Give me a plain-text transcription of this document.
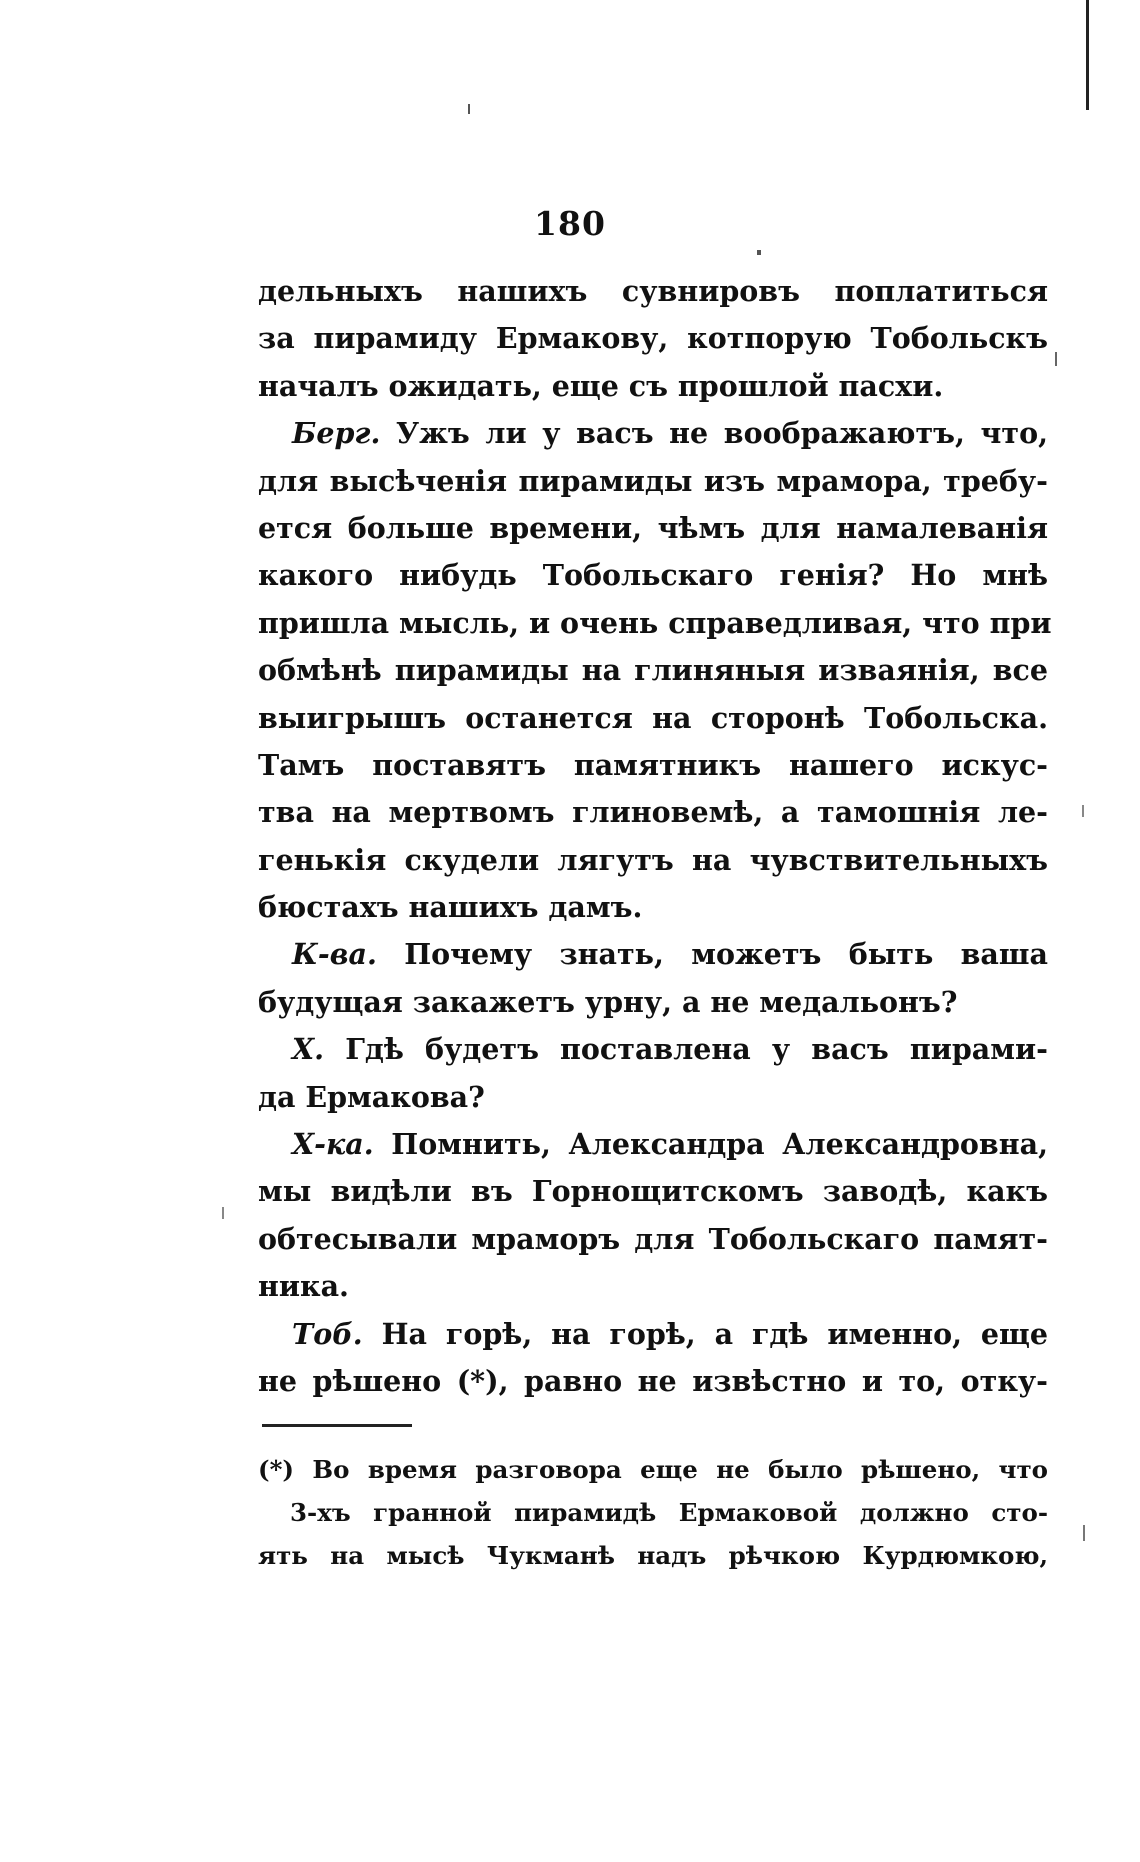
180
дельныхъ нашихъ сувнировъ поплатиться
за пирамиду Ермакову, котпорую Тобольскъ
началъ ожидать, еще съ прошлой пасхи.
Берг. Ужъ ли у васъ не воображаютъ, что,
для высѣченія пирамиды изъ мрамора, требу-
ется больше времени, чѣмъ для намалеванія
какого нибудь Тобольскаго генія? Но мнѣ
пришла мысль, и очень справедливая, что при
обмѣнѣ пирамиды на глиняныя изваянія, все
выигрышъ останется на сторонѣ Тобольска.
Тамъ поставятъ памятникъ нашего искус-
тва на мертвомъ глиновемѣ, а тамошнія ле-
генькія скудели лягутъ на чувствительныхъ
бюстахъ нашихъ дамъ.
К-ва. Почему знать, можетъ быть ваша
будущая закажетъ урну, а не медальонъ?
Х. Гдѣ будетъ поставлена у васъ пирами-
да Ермакова?
Х-ка. Помнить, Александра Александровна,
мы видѣли въ Горнощитскомъ заводѣ, какъ
обтесывали мраморъ для Тобольскаго памят-
ника.
Тоб. На горѣ, на горѣ, а гдѣ именно, еще
не рѣшено (*), равно не извѣстно и то, отку-
(*) Во время разговора еще не было рѣшено, что
3-хъ гранной пирамидѣ Ермаковой должно сто-
ять на мысѣ Чукманѣ надъ рѣчкою Курдюмкою,
